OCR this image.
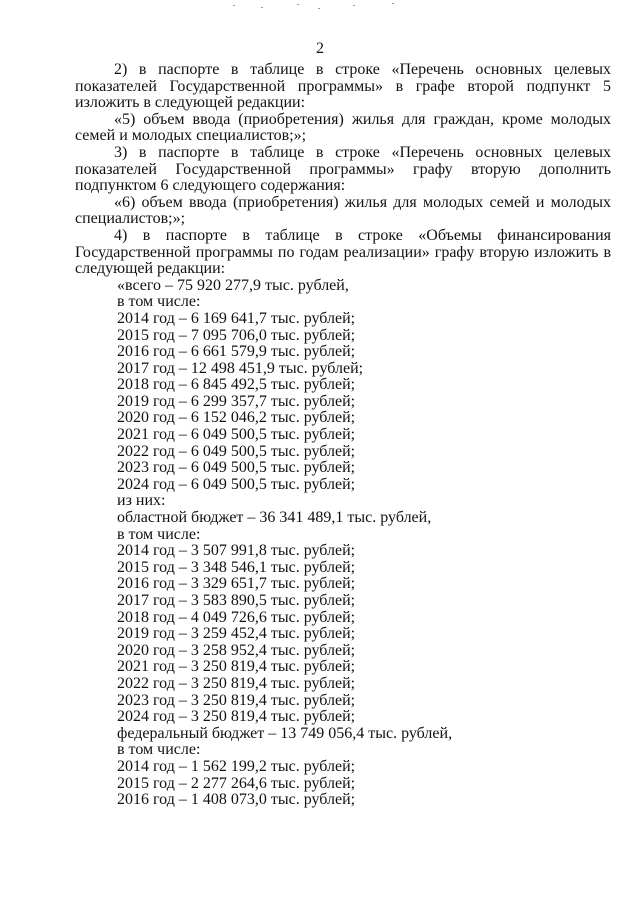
2

2) в паспорте в таблице в строке «Перечень основных целевых показателей Государственной программы» в графе второй подпункт 5 изложить в следующей редакции:

«5) объем ввода (приобретения) жилья для граждан, кроме молодых семей и молодых специалистов;»;

3) в паспорте в таблице в строке «Перечень основных целевых показателей Государственной программы» графу вторую дополнить подпунктом 6 следующего содержания:

«6) объем ввода (приобретения) жилья для молодых семей и молодых специалистов;»;

4) в паспорте в таблице в строке «Объемы финансирования Государственной программы по годам реализации» графу вторую изложить в следующей редакции:

«всего – 75 920 277,9 тыс. рублей,
в том числе:
2014 год – 6 169 641,7 тыс. рублей;
2015 год – 7 095 706,0 тыс. рублей;
2016 год – 6 661 579,9 тыс. рублей;
2017 год – 12 498 451,9 тыс. рублей;
2018 год – 6 845 492,5 тыс. рублей;
2019 год – 6 299 357,7 тыс. рублей;
2020 год – 6 152 046,2 тыс. рублей;
2021 год – 6 049 500,5 тыс. рублей;
2022 год – 6 049 500,5 тыс. рублей;
2023 год – 6 049 500,5 тыс. рублей;
2024 год – 6 049 500,5 тыс. рублей;
из них:
областной бюджет – 36 341 489,1 тыс. рублей,
в том числе:
2014 год – 3 507 991,8 тыс. рублей;
2015 год – 3 348 546,1 тыс. рублей;
2016 год – 3 329 651,7 тыс. рублей;
2017 год – 3 583 890,5 тыс. рублей;
2018 год – 4 049 726,6 тыс. рублей;
2019 год – 3 259 452,4 тыс. рублей;
2020 год – 3 258 952,4 тыс. рублей;
2021 год – 3 250 819,4 тыс. рублей;
2022 год – 3 250 819,4 тыс. рублей;
2023 год – 3 250 819,4 тыс. рублей;
2024 год – 3 250 819,4 тыс. рублей;
федеральный бюджет – 13 749 056,4 тыс. рублей,
в том числе:
2014 год – 1 562 199,2 тыс. рублей;
2015 год – 2 277 264,6 тыс. рублей;
2016 год – 1 408 073,0 тыс. рублей;
